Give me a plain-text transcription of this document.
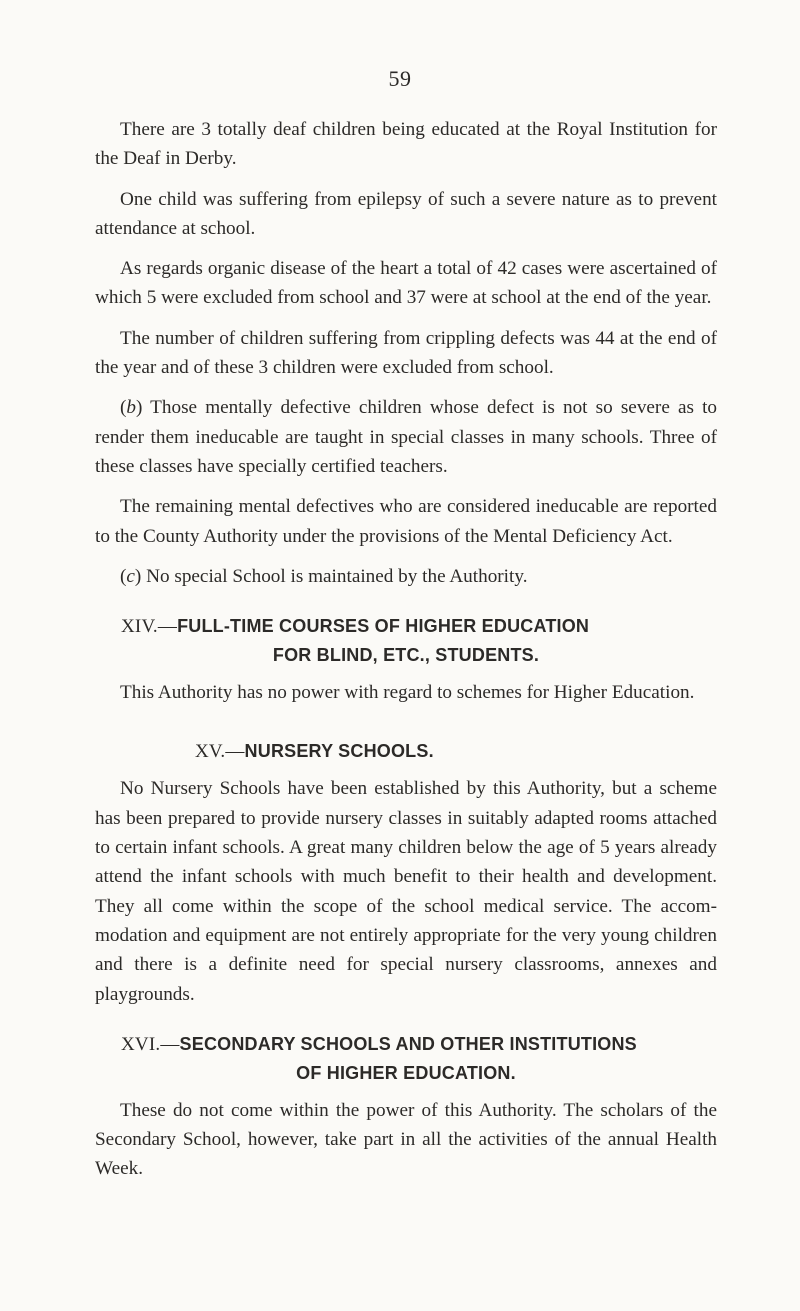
59

There are 3 totally deaf children being educated at the Royal Institution for the Deaf in Derby.

One child was suffering from epilepsy of such a severe nature as to prevent attendance at school.

As regards organic disease of the heart a total of 42 cases were ascertained of which 5 were excluded from school and 37 were at school at the end of the year.

The number of children suffering from crippling defects was 44 at the end of the year and of these 3 children were excluded from school.

(b) Those mentally defective children whose defect is not so severe as to render them ineducable are taught in special classes in many schools. Three of these classes have specially certified teachers.

The remaining mental defectives who are considered ineducable are reported to the County Authority under the provisions of the Mental Deficiency Act.

(c) No special School is maintained by the Authority.

XIV.—FULL-TIME COURSES OF HIGHER EDUCATION
FOR BLIND, ETC., STUDENTS.

This Authority has no power with regard to schemes for Higher Education.

XV.—NURSERY SCHOOLS.

No Nursery Schools have been established by this Authority, but a scheme has been prepared to provide nursery classes in suitably adapted rooms attached to certain infant schools. A great many children below the age of 5 years already attend the infant schools with much benefit to their health and development. They all come within the scope of the school medical service. The accom-modation and equipment are not entirely appropriate for the very young children and there is a definite need for special nursery classrooms, annexes and playgrounds.

XVI.—SECONDARY SCHOOLS AND OTHER INSTITUTIONS
OF HIGHER EDUCATION.

These do not come within the power of this Authority. The scholars of the Secondary School, however, take part in all the activities of the annual Health Week.
